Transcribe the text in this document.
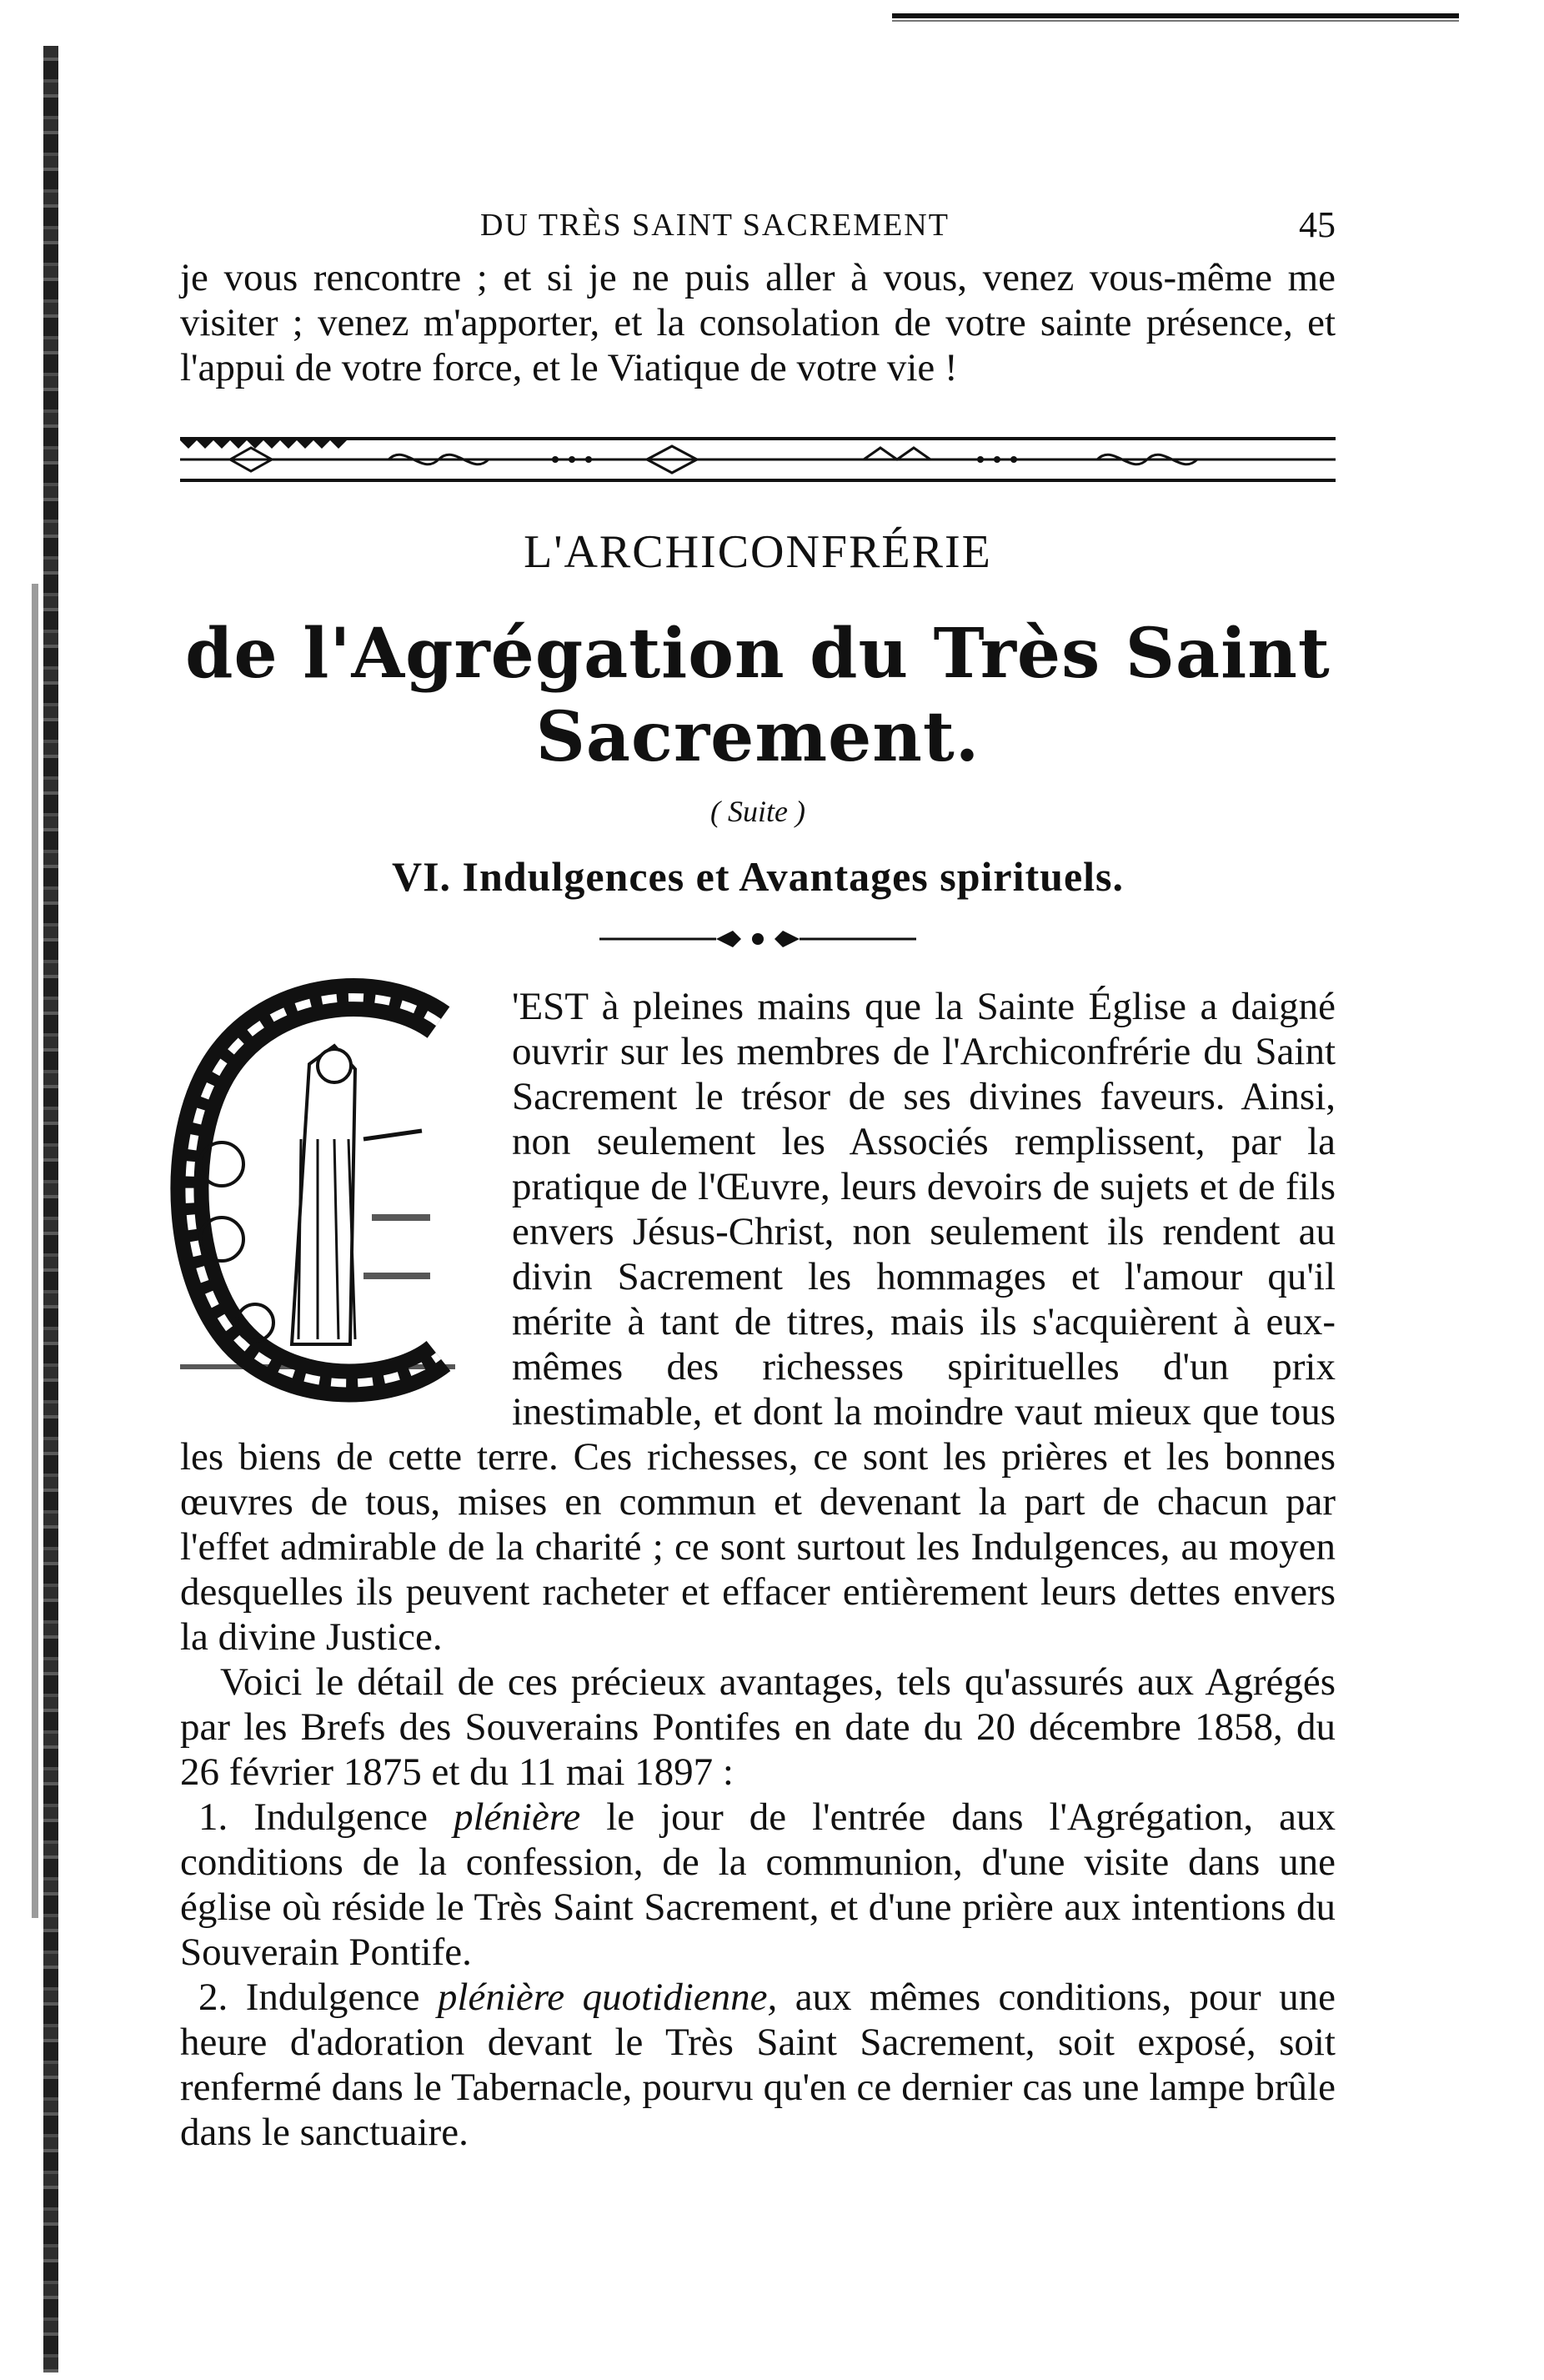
DU TRÈS SAINT SACREMENT	45

je vous rencontre ; et si je ne puis aller à vous, venez vous-même me visiter ; venez m'apporter, et la consolation de votre sainte présence, et l'appui de votre force, et le Viatique de votre vie !

L'ARCHICONFRÉRIE
de l'Agrégation du Très Saint Sacrement.
( Suite )
VI. Indulgences et Avantages spirituels.

'EST à pleines mains que la Sainte Église a daigné ouvrir sur les membres de l'Archiconfrérie du Saint Sacrement le trésor de ses divines faveurs. Ainsi, non seulement les Associés remplissent, par la pratique de l'Œuvre, leurs devoirs de sujets et de fils envers Jésus-Christ, non seulement ils rendent au divin Sacrement les hommages et l'amour qu'il mérite à tant de titres, mais ils s'acquièrent à eux-mêmes des richesses spirituelles d'un prix inestimable, et dont la moindre vaut mieux que tous les biens de cette terre. Ces richesses, ce sont les prières et les bonnes œuvres de tous, mises en commun et devenant la part de chacun par l'effet admirable de la charité ; ce sont surtout les Indulgences, au moyen desquelles ils peuvent racheter et effacer entièrement leurs dettes envers la divine Justice.

Voici le détail de ces précieux avantages, tels qu'assurés aux Agrégés par les Brefs des Souverains Pontifes en date du 20 décembre 1858, du 26 février 1875 et du 11 mai 1897 :

1. Indulgence plénière le jour de l'entrée dans l'Agrégation, aux conditions de la confession, de la communion, d'une visite dans une église où réside le Très Saint Sacrement, et d'une prière aux intentions du Souverain Pontife.

2. Indulgence plénière quotidienne, aux mêmes conditions, pour une heure d'adoration devant le Très Saint Sacrement, soit exposé, soit renfermé dans le Tabernacle, pourvu qu'en ce dernier cas une lampe brûle dans le sanctuaire.
